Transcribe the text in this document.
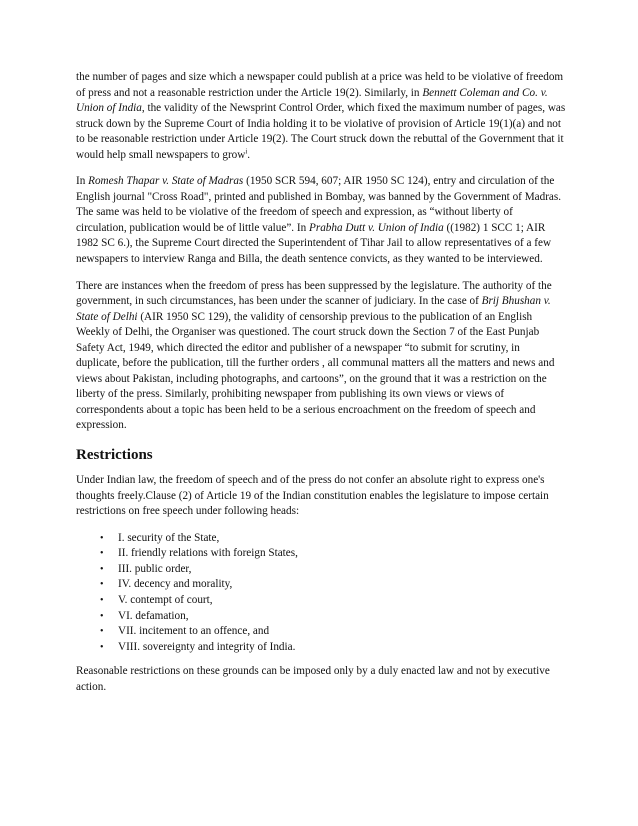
the number of pages and size which a newspaper could publish at a price was held to be violative of freedom of press and not a reasonable restriction under the Article 19(2). Similarly, in Bennett Coleman and Co. v. Union of India, the validity of the Newsprint Control Order, which fixed the maximum number of pages, was struck down by the Supreme Court of India holding it to be violative of provision of Article 19(1)(a) and not to be reasonable restriction under Article 19(2). The Court struck down the rebuttal of the Government that it would help small newspapers to grow$^i$.

In Romesh Thapar v. State of Madras (1950 SCR 594, 607; AIR 1950 SC 124), entry and circulation of the English journal "Cross Road", printed and published in Bombay, was banned by the Government of Madras. The same was held to be violative of the freedom of speech and expression, as “without liberty of circulation, publication would be of little value”. In Prabha Dutt v. Union of India ((1982) 1 SCC 1; AIR 1982 SC 6.), the Supreme Court directed the Superintendent of Tihar Jail to allow representatives of a few newspapers to interview Ranga and Billa, the death sentence convicts, as they wanted to be interviewed.

There are instances when the freedom of press has been suppressed by the legislature. The authority of the government, in such circumstances, has been under the scanner of judiciary. In the case of Brij Bhushan v. State of Delhi (AIR 1950 SC 129), the validity of censorship previous to the publication of an English Weekly of Delhi, the Organiser was questioned. The court struck down the Section 7 of the East Punjab Safety Act, 1949, which directed the editor and publisher of a newspaper “to submit for scrutiny, in duplicate, before the publication, till the further orders , all communal matters all the matters and news and views about Pakistan, including photographs, and cartoons”, on the ground that it was a restriction on the liberty of the press. Similarly, prohibiting newspaper from publishing its own views or views of correspondents about a topic has been held to be a serious encroachment on the freedom of speech and expression.

Restrictions

Under Indian law, the freedom of speech and of the press do not confer an absolute right to express one's thoughts freely.Clause (2) of Article 19 of the Indian constitution enables the legislature to impose certain restrictions on free speech under following heads:

• I. security of the State,
• II. friendly relations with foreign States,
• III. public order,
• IV. decency and morality,
• V. contempt of court,
• VI. defamation,
• VII. incitement to an offence, and
• VIII. sovereignty and integrity of India.

Reasonable restrictions on these grounds can be imposed only by a duly enacted law and not by executive action.
